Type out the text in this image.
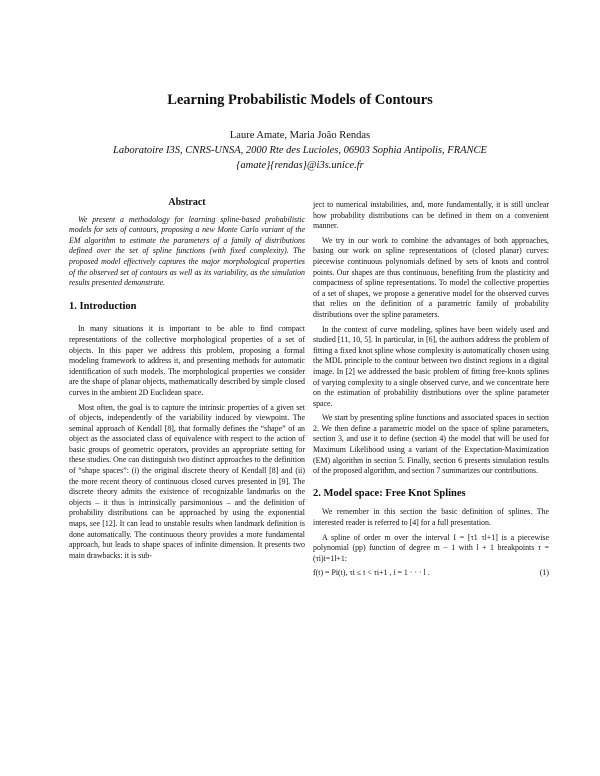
Learning Probabilistic Models of Contours
Laure Amate, Maria João Rendas
Laboratoire I3S, CNRS-UNSA, 2000 Rte des Lucioles, 06903 Sophia Antipolis, FRANCE
{amate}{rendas}@i3s.unice.fr
Abstract

We present a methodology for learning spline-based probabilistic models for sets of contours, proposing a new Monte Carlo variant of the EM algorithm to estimate the parameters of a family of distributions defined over the set of spline functions (with fixed complexity). The proposed model effectively captures the major morphological properties of the observed set of contours as well as its variability, as the simulation results presented demonstrate.

1. Introduction

In many situations it is important to be able to find compact representations of the collective morphological properties of a set of objects. In this paper we address this problem, proposing a formal modeling framework to address it, and presenting methods for automatic identification of such models. The morphological properties we consider are the shape of planar objects, mathematically described by simple closed curves in the ambient 2D Euclidean space.

Most often, the goal is to capture the intrinsic properties of a given set of objects, independently of the variability induced by viewpoint. The seminal approach of Kendall [8], that formally defines the “shape” of an object as the associated class of equivalence with respect to the action of basic groups of geometric operators, provides an appropriate setting for these studies. One can distinguish two distinct approaches to the definition of “shape spaces”: (i) the original discrete theory of Kendall [8] and (ii) the more recent theory of continuous closed curves presented in [9]. The discrete theory admits the existence of recognizable landmarks on the objects – it thus is intrinsically parsimonious – and the definition of probability distributions can be approached by using the exponential maps, see [12]. It can lead to unstable results when landmark definition is done automatically. The continuous theory provides a more fundamental approach, but leads to shape spaces of infinite dimension. It presents two main drawbacks: it is sub-

ject to numerical instabilities, and, more fundamentally, it is still unclear how probability distributions can be defined in them on a convenient manner.

We try in our work to combine the advantages of both approaches, basing our work on spline representations of (closed planar) curves: piecewise continuous polynomials defined by sets of knots and control points. Our shapes are thus continuous, benefiting from the plasticity and compactness of spline representations. To model the collective properties of a set of shapes, we propose a generative model for the observed curves that relies on the definition of a parametric family of probability distributions over the spline parameters.

In the context of curve modeling, splines have been widely used and studied [11, 10, 5]. In particular, in [6], the authors address the problem of fitting a fixed knot spline whose complexity is automatically chosen using the MDL principle to the contour between two distinct regions in a digital image. In [2] we addressed the basic problem of fitting free-knots splines of varying complexity to a single observed curve, and we concentrate here on the estimation of probability distributions over the spline parameter space.

We start by presenting spline functions and associated spaces in section 2. We then define a parametric model on the space of spline parameters, section 3, and use it to define (section 4) the model that will be used for Maximum Likelihood using a variant of the Expectation-Maximization (EM) algorithm in section 5. Finally, section 6 presents simulation results of the proposed algorithm, and section 7 summarizes our contributions.

2. Model space: Free Knot Splines

We remember in this section the basic definition of splines. The interested reader is referred to [4] for a full presentation.

A spline of order m over the interval I = [τ1 τl+1] is a piecewise polynomial (pp) function of degree m − 1 with l + 1 breakpoints τ = (τi)i=1l+1:

f(t) = Pi(t), τi ≤ t < τi+1 , i = 1 · · · l .	(1)
